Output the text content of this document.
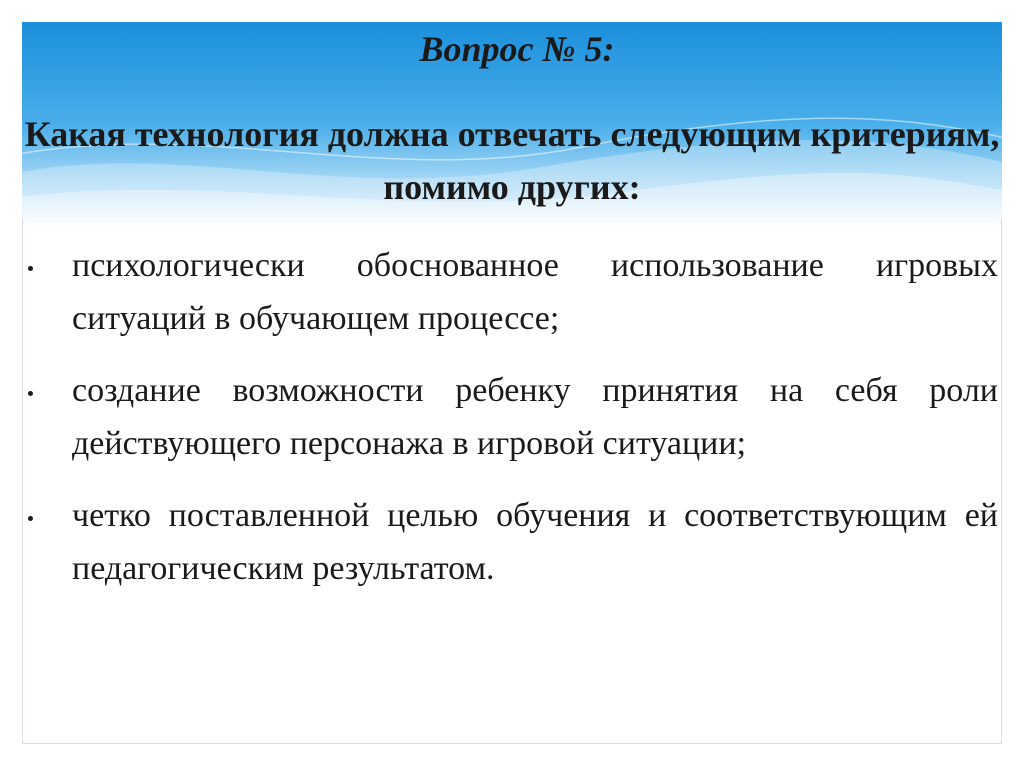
Вопрос № 5:
Какая технология должна отвечать следующим критериям, помимо других:
психологически обоснованное использование игровых ситуаций в обучающем процессе;
создание возможности ребенку принятия на себя роли действующего персонажа в игровой ситуации;
четко поставленной целью обучения и соответствующим ей педагогическим результатом.
